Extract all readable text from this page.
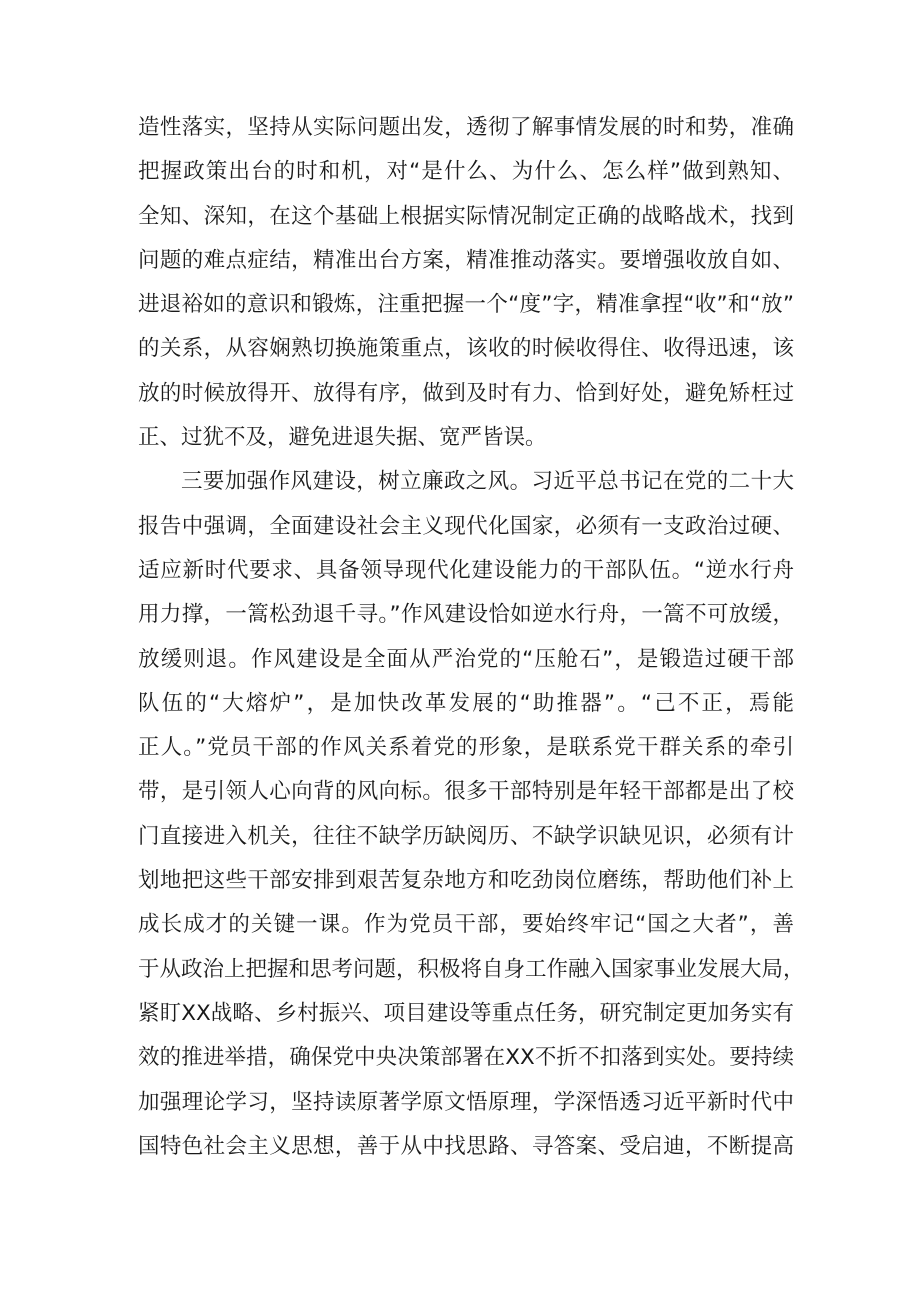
造性落实，坚持从实际问题出发，透彻了解事情发展的时和势，准确
把握政策出台的时和机，对“是什么、为什么、怎么样”做到熟知、
全知、深知，在这个基础上根据实际情况制定正确的战略战术，找到
问题的难点症结，精准出台方案，精准推动落实。要增强收放自如、
进退裕如的意识和锻炼，注重把握一个“度”字，精准拿捏“收”和“放”
的关系，从容娴熟切换施策重点，该收的时候收得住、收得迅速，该
放的时候放得开、放得有序，做到及时有力、恰到好处，避免矫枉过
正、过犹不及，避免进退失据、宽严皆误。
三要加强作风建设，树立廉政之风。习近平总书记在党的二十大
报告中强调，全面建设社会主义现代化国家，必须有一支政治过硬、
适应新时代要求、具备领导现代化建设能力的干部队伍。“逆水行舟
用力撑，一篙松劲退千寻。”作风建设恰如逆水行舟，一篙不可放缓，
放缓则退。作风建设是全面从严治党的“压舱石”，是锻造过硬干部
队伍的“大熔炉”，是加快改革发展的“助推器”。“己不正，焉能
正人。”党员干部的作风关系着党的形象，是联系党干群关系的牵引
带，是引领人心向背的风向标。很多干部特别是年轻干部都是出了校
门直接进入机关，往往不缺学历缺阅历、不缺学识缺见识，必须有计
划地把这些干部安排到艰苦复杂地方和吃劲岗位磨练，帮助他们补上
成长成才的关键一课。作为党员干部，要始终牢记“国之大者”，善
于从政治上把握和思考问题，积极将自身工作融入国家事业发展大局，
紧盯XX战略、乡村振兴、项目建设等重点任务，研究制定更加务实有
效的推进举措，确保党中央决策部署在XX不折不扣落到实处。要持续
加强理论学习，坚持读原著学原文悟原理，学深悟透习近平新时代中
国特色社会主义思想，善于从中找思路、寻答案、受启迪，不断提高
